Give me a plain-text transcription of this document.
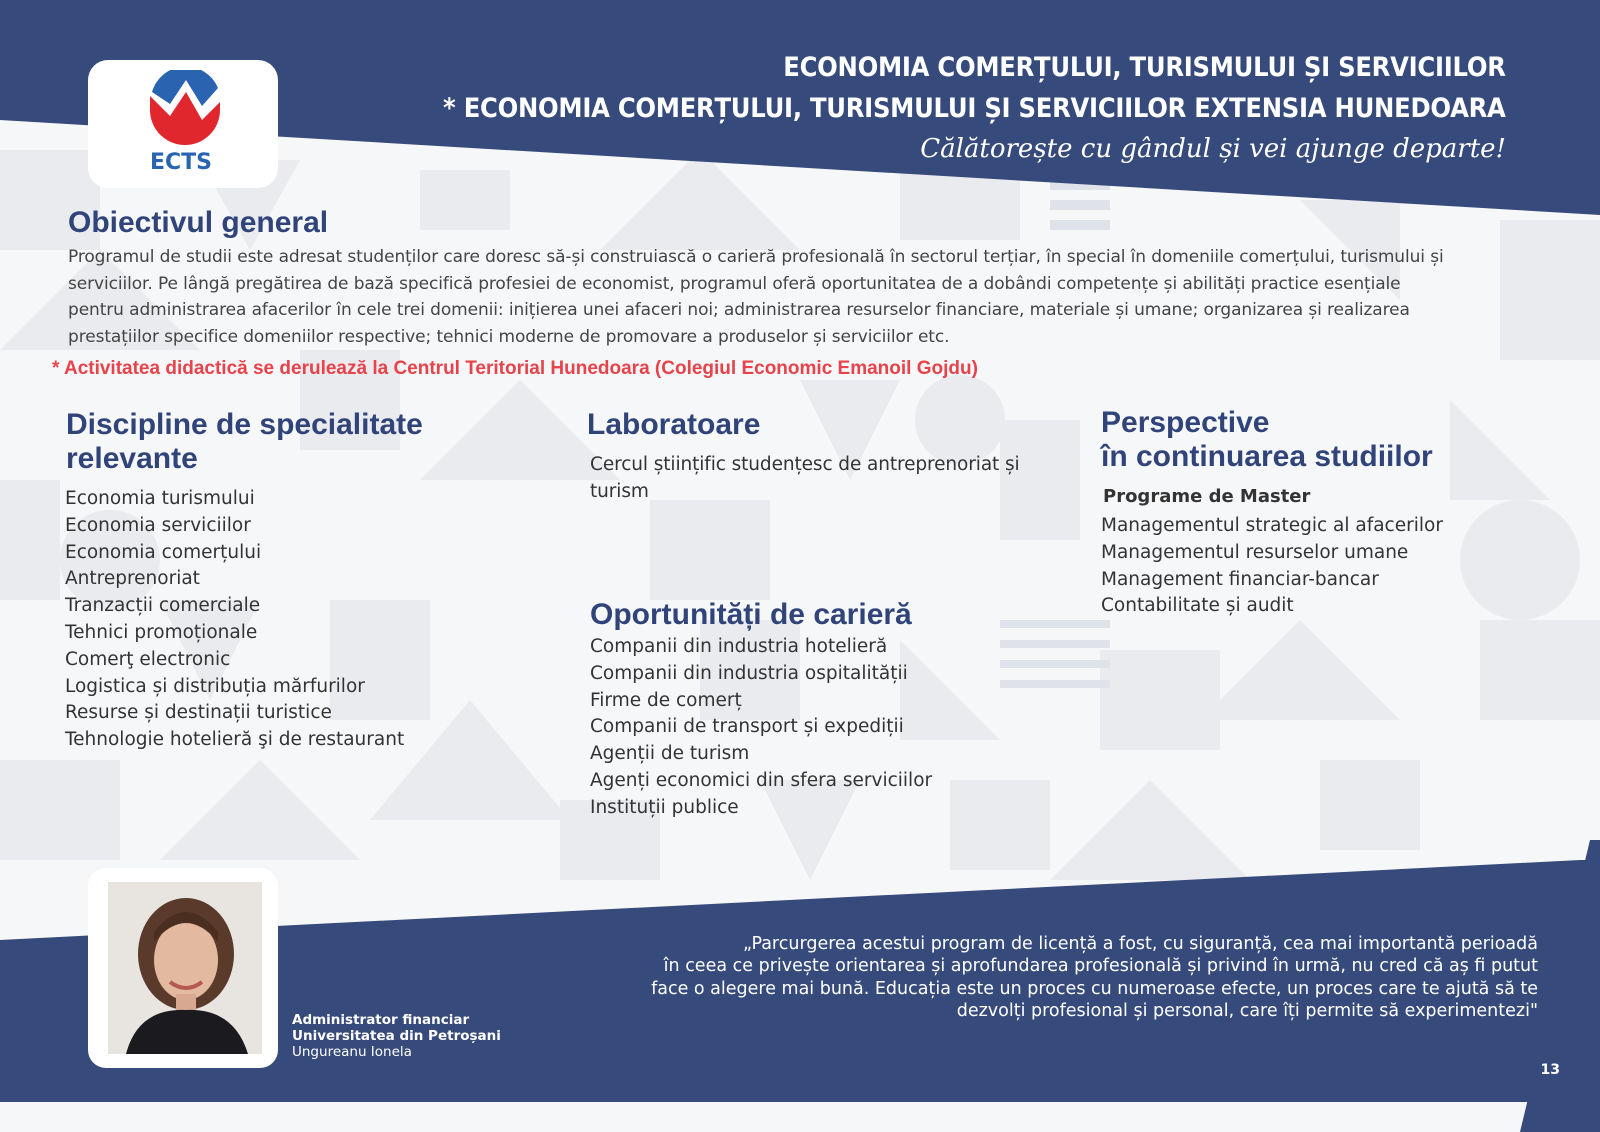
ECTS
ECONOMIA COMERȚULUI, TURISMULUI ȘI SERVICIILOR
* ECONOMIA COMERȚULUI, TURISMULUI ȘI SERVICIILOR EXTENSIA HUNEDOARA
Călătorește cu gândul și vei ajunge departe!
Obiectivul general
Programul de studii este adresat studenților care doresc să-și construiască o carieră profesională în sectorul terțiar, în special în domeniile comerțului, turismului și
serviciilor. Pe lângă pregătirea de bază specifică profesiei de economist, programul oferă oportunitatea de a dobândi competențe și abilități practice esențiale
pentru administrarea afacerilor în cele trei domenii: inițierea unei afaceri noi; administrarea resurselor financiare, materiale și umane; organizarea și realizarea
prestațiilor specifice domeniilor respective; tehnici moderne de promovare a produselor și serviciilor etc.
* Activitatea didactică se derulează la Centrul Teritorial Hunedoara (Colegiul Economic Emanoil Gojdu)
Discipline de specialitate
relevante
Economia turismului
Economia serviciilor
Economia comerțului
Antreprenoriat
Tranzacții comerciale
Tehnici promoționale
Comerţ electronic
Logistica și distribuția mărfurilor
Resurse și destinații turistice
Tehnologie hotelieră şi de restaurant
Laboratoare
Cercul științific studențesc de antreprenoriat și
turism
Oportunități de carieră
Companii din industria hotelieră
Companii din industria ospitalității
Firme de comerț
Companii de transport și expediții
Agenții de turism
Agenți economici din sfera serviciilor
Instituții publice
Perspective
în continuarea studiilor
Programe de Master
Managementul strategic al afacerilor
Managementul resurselor umane
Management financiar-bancar
Contabilitate și audit
Administrator financiar
Universitatea din Petroșani
Ungureanu Ionela
„Parcurgerea acestui program de licență a fost, cu siguranță, cea mai importantă perioadă
în ceea ce privește orientarea și aprofundarea profesională și privind în urmă, nu cred că aș fi putut
face o alegere mai bună. Educația este un proces cu numeroase efecte, un proces care te ajută să te
dezvolți profesional și personal, care îți permite să experimentezi"
13
